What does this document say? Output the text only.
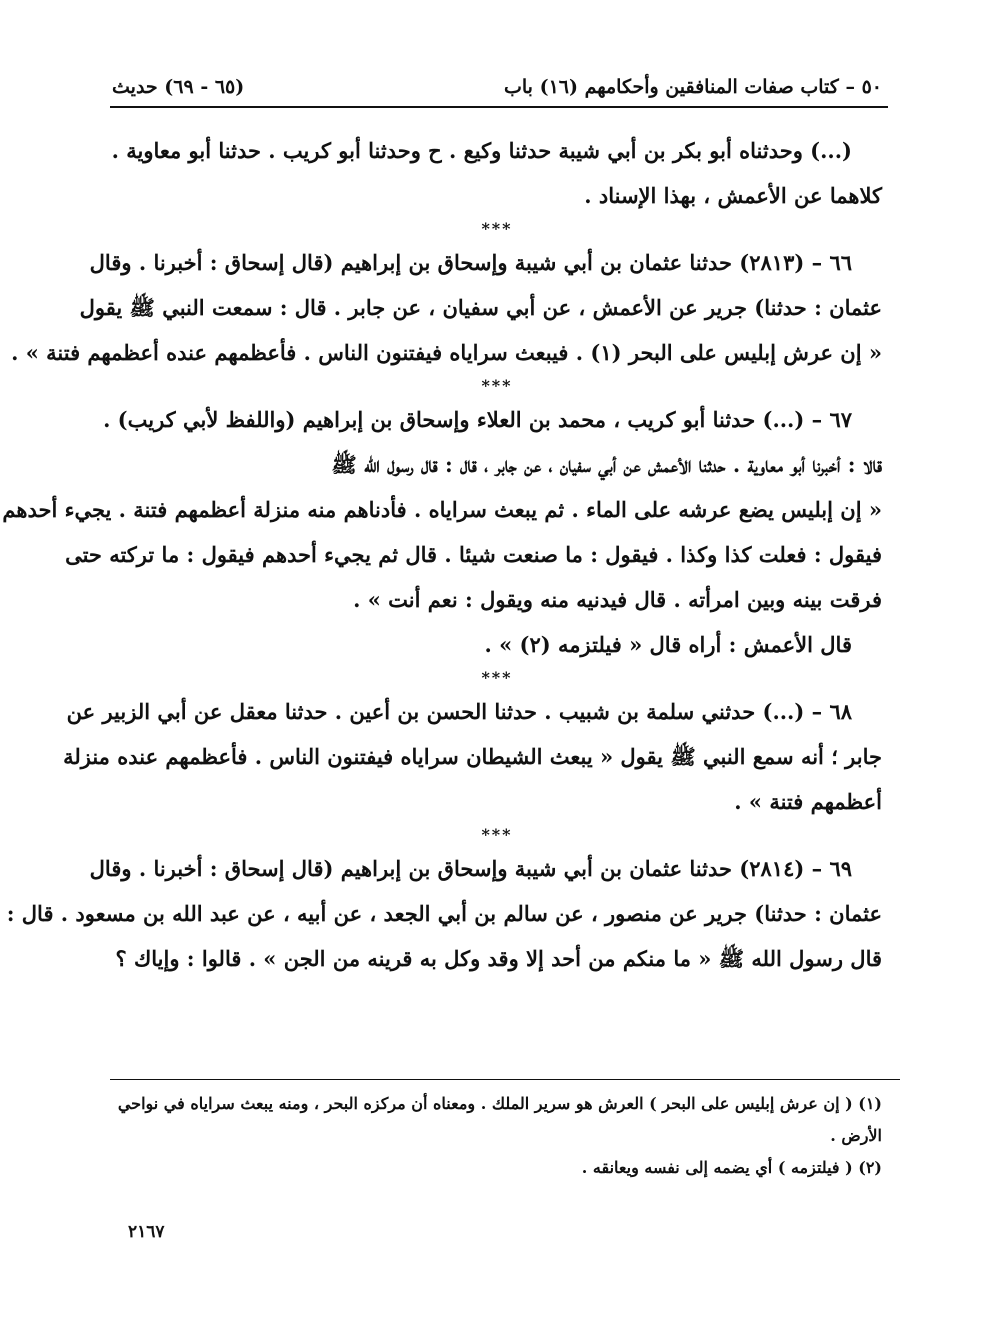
٥٠ – كتاب صفات المنافقين وأحكامهم (١٦) باب
(٦٥ - ٦٩) حديث
(...) وحدثناه أبو بكر بن أبي شيبة حدثنا وكيع . ح وحدثنا أبو كريب . حدثنا أبو معاوية .
كلاهما عن الأعمش ، بهذا الإسناد .
***
٦٦ – (٢٨١٣) حدثنا عثمان بن أبي شيبة وإسحاق بن إبراهيم (قال إسحاق : أخبرنا . وقال
عثمان : حدثنا) جرير عن الأعمش ، عن أبي سفيان ، عن جابر . قال : سمعت النبي ﷺ يقول
« إن عرش إبليس على البحر (١) . فيبعث سراياه فيفتنون الناس . فأعظمهم عنده أعظمهم فتنة » .
***
٦٧ – (...) حدثنا أبو كريب ، محمد بن العلاء وإسحاق بن إبراهيم (واللفظ لأبي كريب) .
قالا : أخبرنا أبو معاوية . حدثنا الأعمش عن أبي سفيان ، عن جابر ، قال : قال رسول الله ﷺ
« إن إبليس يضع عرشه على الماء . ثم يبعث سراياه . فأدناهم منه منزلة أعظمهم فتنة . يجيء أحدهم
فيقول : فعلت كذا وكذا . فيقول : ما صنعت شيئا . قال ثم يجيء أحدهم فيقول : ما تركته حتى
فرقت بينه وبين امرأته . قال فيدنيه منه ويقول : نعم أنت » .
قال الأعمش : أراه قال « فيلتزمه (٢) » .
***
٦٨ – (...) حدثني سلمة بن شبيب . حدثنا الحسن بن أعين . حدثنا معقل عن أبي الزبير عن
جابر ؛ أنه سمع النبي ﷺ يقول « يبعث الشيطان سراياه فيفتنون الناس . فأعظمهم عنده منزلة
أعظمهم فتنة » .
***
٦٩ – (٢٨١٤) حدثنا عثمان بن أبي شيبة وإسحاق بن إبراهيم (قال إسحاق : أخبرنا . وقال
عثمان : حدثنا) جرير عن منصور ، عن سالم بن أبي الجعد ، عن أبيه ، عن عبد الله بن مسعود . قال :
قال رسول الله ﷺ « ما منكم من أحد إلا وقد وكل به قرينه من الجن » . قالوا : وإياك ؟
(١) ( إن عرش إبليس على البحر ) العرش هو سرير الملك . ومعناه أن مركزه البحر ، ومنه يبعث سراياه في نواحي
الأرض .
(٢) ( فيلتزمه ) أي يضمه إلى نفسه ويعانقه .
٢١٦٧
